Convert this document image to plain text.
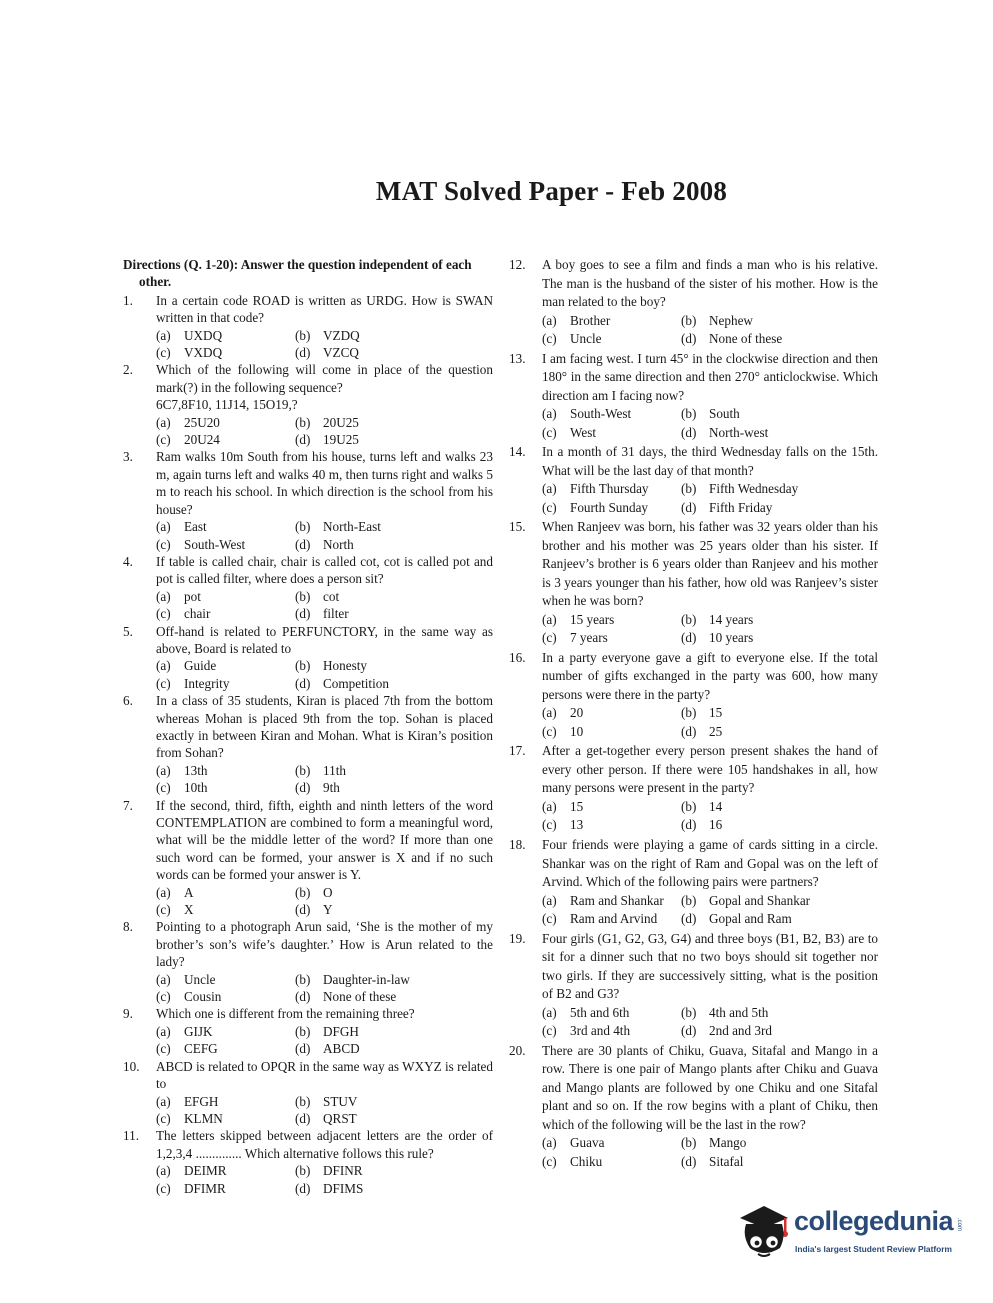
MAT Solved Paper - Feb 2008
Directions (Q. 1-20): Answer the question independent of each
other.
1.	In a certain code ROAD is written as URDG. How is SWAN written in that code?
(a) UXDQ	(b) VZDQ
(c) VXDQ	(d) VZCQ
2.	Which of the following will come in place of the question mark(?) in the following sequence?
6C7,8F10, 11J14, 15O19,?
(a) 25U20	(b) 20U25
(c) 20U24	(d) 19U25
3.	Ram walks 10m South from his house, turns left and walks 23 m, again turns left and walks 40 m, then turns right and walks 5 m to reach his school. In which direction is the school from his house?
(a) East	(b) North-East
(c) South-West	(d) North
4.	If table is called chair, chair is called cot, cot is called pot and pot is called filter, where does a person sit?
(a) pot	(b) cot
(c) chair	(d) filter
5.	Off-hand is related to PERFUNCTORY, in the same way as above, Board is related to
(a) Guide	(b) Honesty
(c) Integrity	(d) Competition
6.	In a class of 35 students, Kiran is placed 7th from the bottom whereas Mohan is placed 9th from the top. Sohan is placed exactly in between Kiran and Mohan. What is Kiran’s position from Sohan?
(a) 13th	(b) 11th
(c) 10th	(d) 9th
7.	If the second, third, fifth, eighth and ninth letters of the word CONTEMPLATION are combined to form a meaningful word, what will be the middle letter of the word? If more than one such word can be formed, your answer is X and if no such words can be formed your answer is Y.
(a) A	(b) O
(c) X	(d) Y
8.	Pointing to a photograph Arun said, ‘She is the mother of my brother’s son’s wife’s daughter.’ How is Arun related to the lady?
(a) Uncle	(b) Daughter-in-law
(c) Cousin	(d) None of these
9.	Which one is different from the remaining three?
(a) GIJK	(b) DFGH
(c) CEFG	(d) ABCD
10.	ABCD is related to OPQR in the same way as WXYZ is related to
(a) EFGH	(b) STUV
(c) KLMN	(d) QRST
11.	The letters skipped between adjacent letters are the order of 1,2,3,4 .............. Which alternative follows this rule?
(a) DEIMR	(b) DFINR
(c) DFIMR	(d) DFIMS
12.	A boy goes to see a film and finds a man who is his relative. The man is the husband of the sister of his mother. How is the man related to the boy?
(a) Brother	(b) Nephew
(c) Uncle	(d) None of these
13.	I am facing west. I turn 45° in the clockwise direction and then 180° in the same direction and then 270° anticlockwise. Which direction am I facing now?
(a) South-West	(b) South
(c) West	(d) North-west
14.	In a month of 31 days, the third Wednesday falls on the 15th. What will be the last day of that month?
(a) Fifth Thursday	(b) Fifth Wednesday
(c) Fourth Sunday	(d) Fifth Friday
15.	When Ranjeev was born, his father was 32 years older than his brother and his mother was 25 years older than his sister. If Ranjeev’s brother is 6 years older than Ranjeev and his mother is 3 years younger than his father, how old was Ranjeev’s sister when he was born?
(a) 15 years	(b) 14 years
(c) 7 years	(d) 10 years
16.	In a party everyone gave a gift to everyone else. If the total number of gifts exchanged in the party was 600, how many persons were there in the party?
(a) 20	(b) 15
(c) 10	(d) 25
17.	After a get-together every person present shakes the hand of every other person. If there were 105 handshakes in all, how many persons were present in the party?
(a) 15	(b) 14
(c) 13	(d) 16
18.	Four friends were playing a game of cards sitting in a circle. Shankar was on the right of Ram and Gopal was on the left of Arvind. Which of the following pairs were partners?
(a) Ram and Shankar	(b) Gopal and Shankar
(c) Ram and Arvind	(d) Gopal and Ram
19.	Four girls (G1, G2, G3, G4) and three boys (B1, B2, B3) are to sit for a dinner such that no two boys should sit together nor two girls. If they are successively sitting, what is the position of B2 and G3?
(a) 5th and 6th	(b) 4th and 5th
(c) 3rd and 4th	(d) 2nd and 3rd
20.	There are 30 plants of Chiku, Guava, Sitafal and Mango in a row. There is one pair of Mango plants after Chiku and Guava and Mango plants are followed by one Chiku and one Sitafal plant and so on. If the row begins with a plant of Chiku, then which of the following will be the last in the row?
(a) Guava	(b) Mango
(c) Chiku	(d) Sitafal
collegedunia .com
India's largest Student Review Platform
